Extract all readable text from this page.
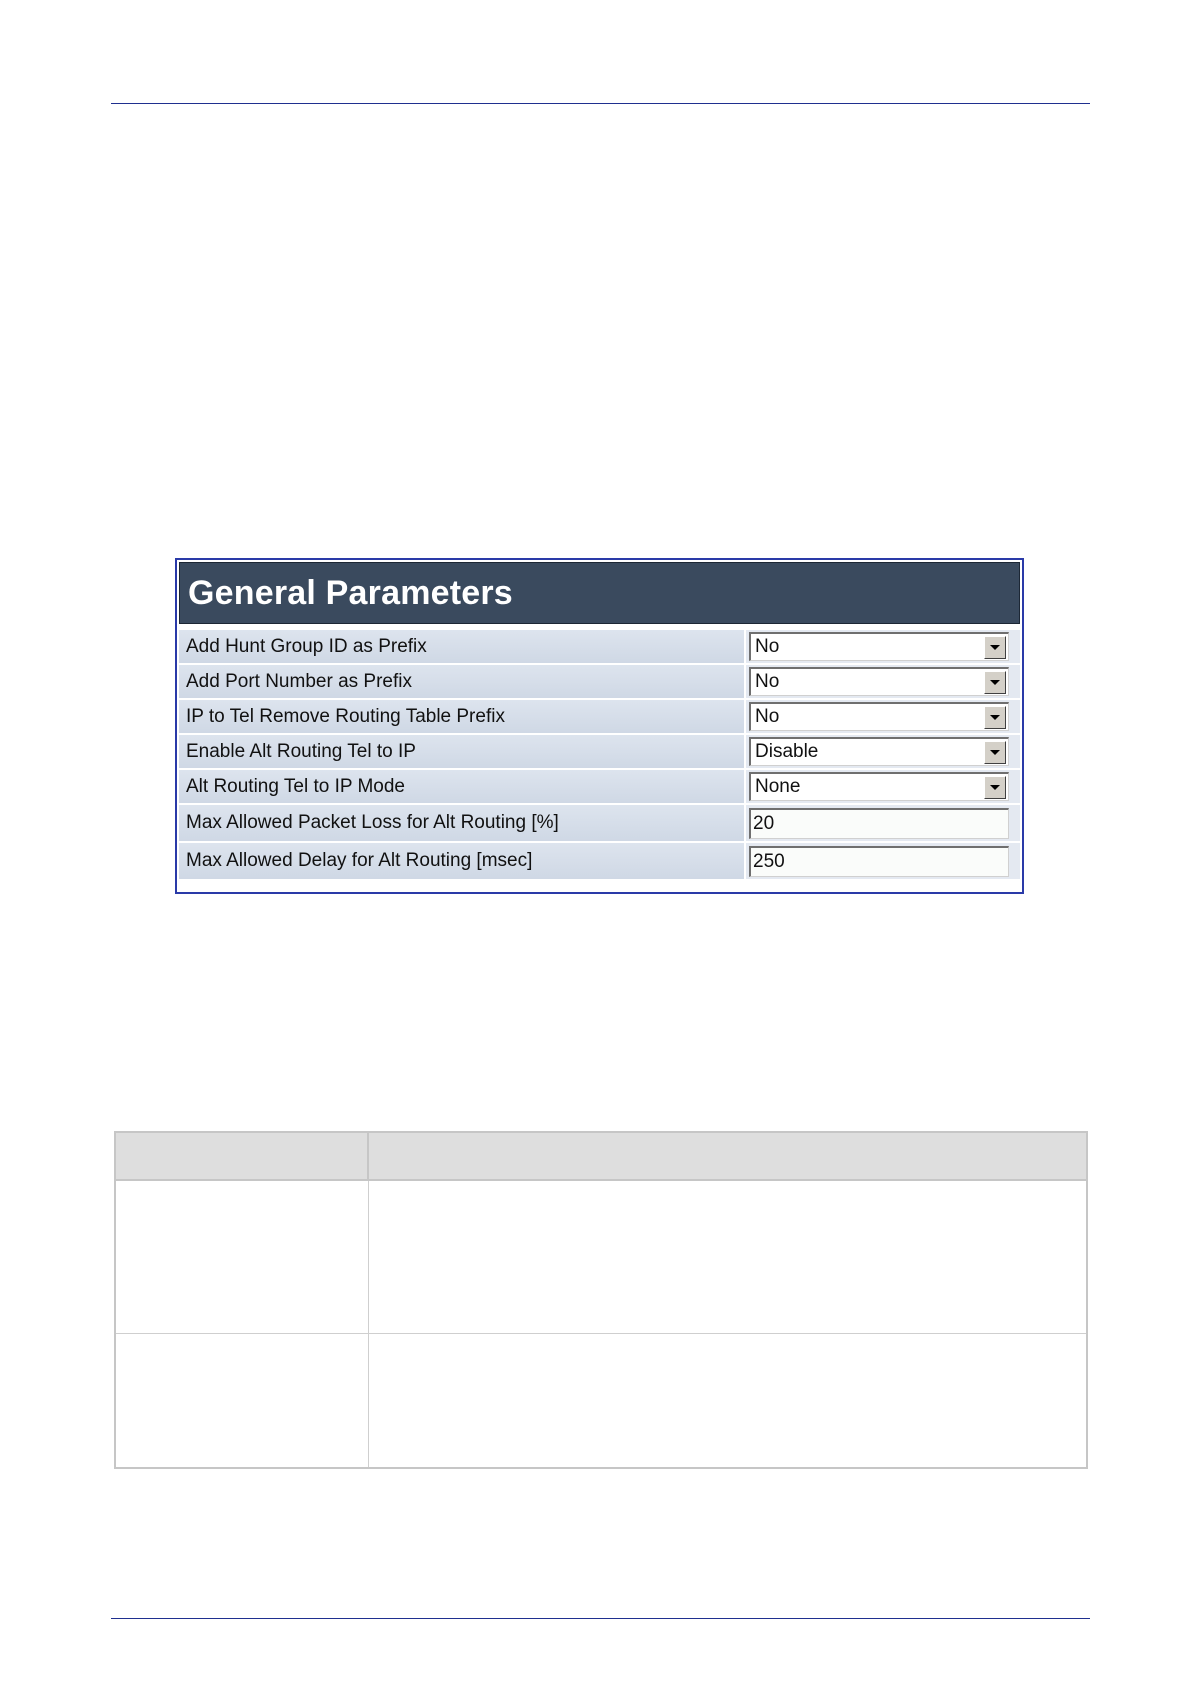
General Parameters
Add Hunt Group ID as Prefix	No
Add Port Number as Prefix	No
IP to Tel Remove Routing Table Prefix	No
Enable Alt Routing Tel to IP	Disable
Alt Routing Tel to IP Mode	None
Max Allowed Packet Loss for Alt Routing [%]	20
Max Allowed Delay for Alt Routing [msec]	250
